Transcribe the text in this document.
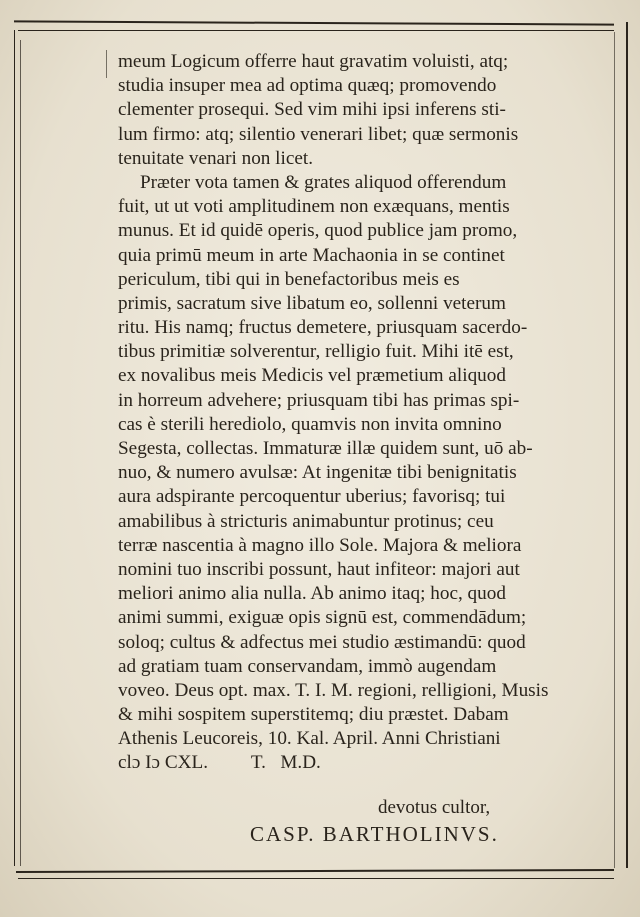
meum Logicum offerre haut gravatim voluisti, atq;
studia insuper mea ad optima quæq; promovendo
clementer prosequi. Sed vim mihi ipsi inferens sti-
lum firmo: atq; silentio venerari libet; quæ sermonis
tenuitate venari non licet.
Præter vota tamen & grates aliquod offerendum
fuit, ut ut voti amplitudinem non exæquans, mentis
munus. Et id quidē operis, quod publice jam promo,
quia primū meum in arte Machaonia in se continet
periculum, tibi qui in benefactoribus meis es
primis, sacratum sive libatum eo, sollenni veterum
ritu. His namq; fructus demetere, priusquam sacerdo-
tibus primitiæ solverentur, relligio fuit. Mihi itē est,
ex novalibus meis Medicis vel præmetium aliquod
in horreum advehere; priusquam tibi has primas spi-
cas è sterili herediolo, quamvis non invita omnino
Segesta, collectas. Immaturæ illæ quidem sunt, uō ab-
nuo, & numero avulsæ: At ingenitæ tibi benignitatis
aura adspirante percoquentur uberius; favorisq; tui
amabilibus à stricturis animabuntur protinus; ceu
terræ nascentia à magno illo Sole. Majora & meliora
nomini tuo inscribi possunt, haut infiteor: majori aut
meliori animo alia nulla. Ab animo itaq; hoc, quod
animi summi, exiguæ opis signū est, commendādum;
soloq; cultus & adfectus mei studio æstimandū: quod
ad gratiam tuam conservandam, immò augendam
voveo. Deus opt. max. T. I. M. regioni, relligioni, Musis
& mihi sospitem superstitemq; diu præstet. Dabam
Athenis Leucoreis, 10. Kal. April. Anni Christiani
clɔ Iɔ CXL.         T.   M.D.
devotus cultor,
CASP. BARTHOLINVS.
